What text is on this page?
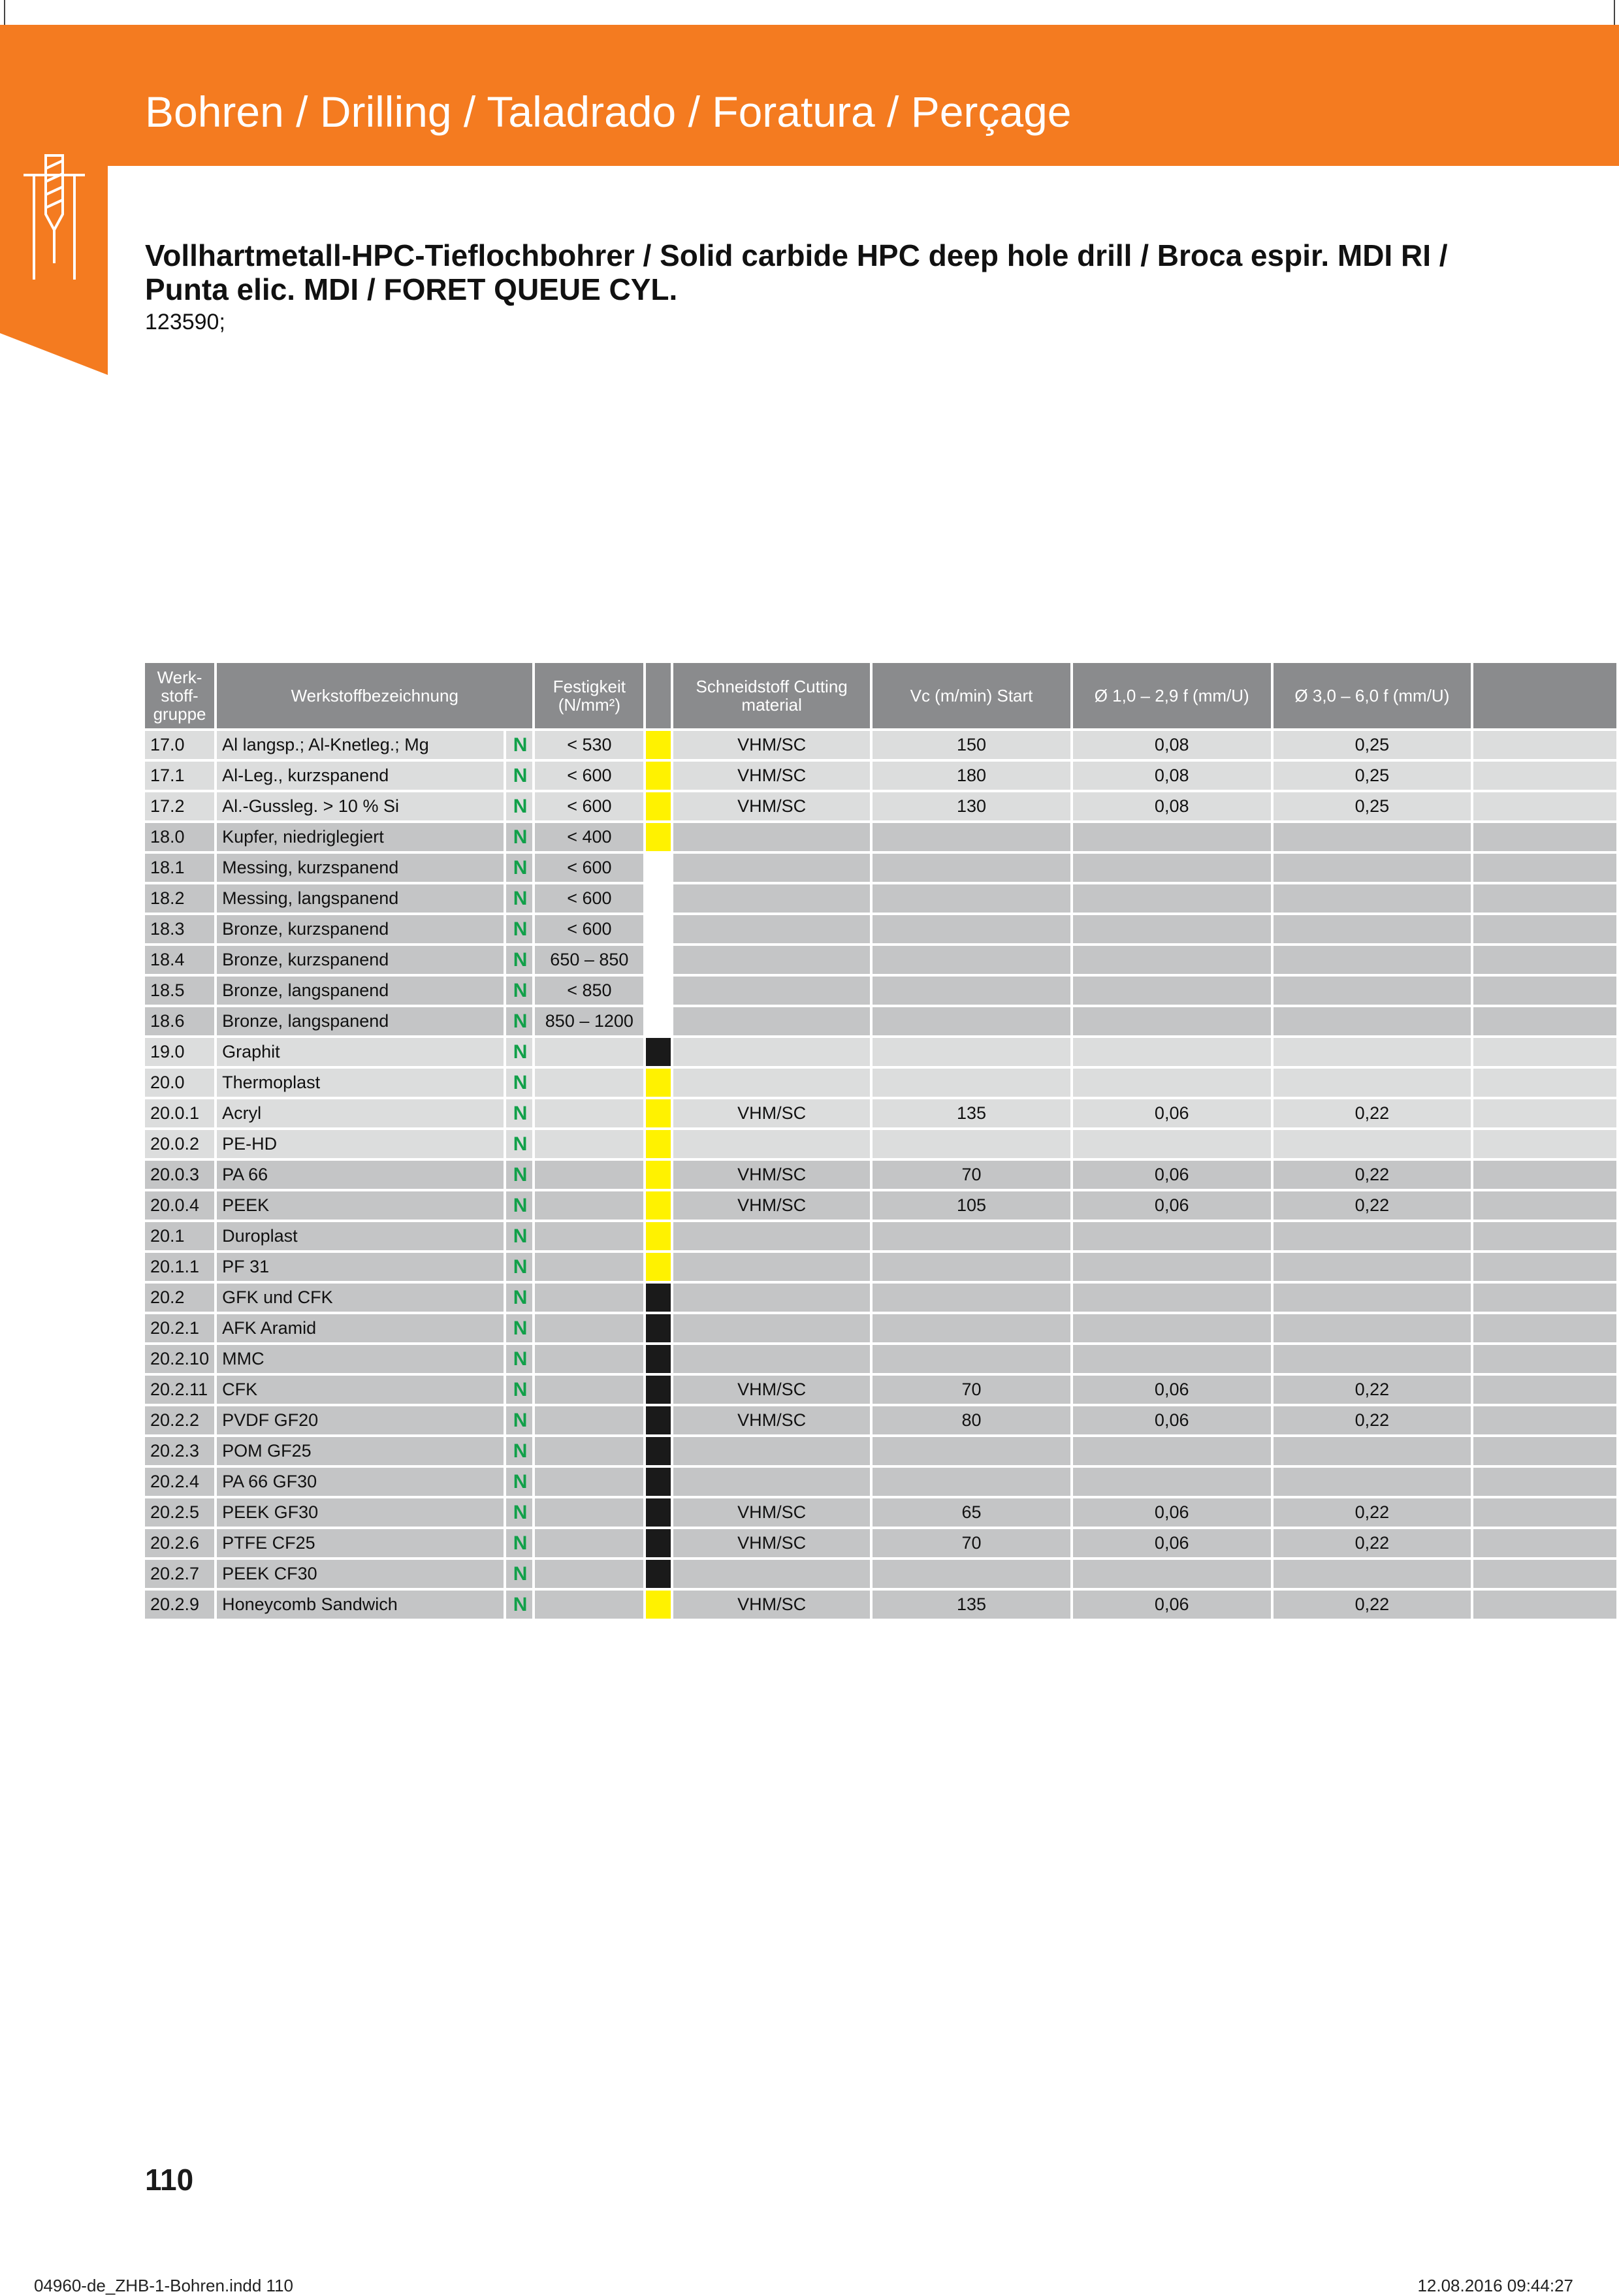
Bohren / Drilling / Taladrado / Foratura / Perçage
Vollhartmetall-HPC-Tieflochbohrer / Solid carbide HPC deep hole drill / Broca espir. MDI RI / Punta elic. MDI / FORET QUEUE CYL.
123590;
Werk-stoff-gruppe	Werkstoffbezeichnung		Festigkeit (N/mm²)		Schneidstoff Cutting material	Vc (m/min) Start	Ø 1,0 – 2,9 f (mm/U)	Ø 3,0 – 6,0 f (mm/U)	
17.0	Al langsp.; Al-Knetleg.; Mg	N	< 530		VHM/SC	150	0,08	0,25	
17.1	Al-Leg., kurzspanend	N	< 600		VHM/SC	180	0,08	0,25	
17.2	Al.-Gussleg. > 10 % Si	N	< 600		VHM/SC	130	0,08	0,25	
18.0	Kupfer, niedriglegiert	N	< 400	

18.1	Messing, kurzspanend	N	< 600	

18.2	Messing, langspanend	N	< 600	

18.3	Bronze, kurzspanend	N	< 600	

18.4	Bronze, kurzspanend	N	650 – 850	

18.5	Bronze, langspanend	N	< 850	

18.6	Bronze, langspanend	N	850 – 1200	

19.0	Graphit	N		

20.0	Thermoplast	N		

20.0.1	Acryl	N			VHM/SC	135	0,06	0,22	
20.0.2	PE-HD	N		

20.0.3	PA 66	N			VHM/SC	70	0,06	0,22	
20.0.4	PEEK	N			VHM/SC	105	0,06	0,22	
20.1	Duroplast	N		

20.1.1	PF 31	N		

20.2	GFK und CFK	N		

20.2.1	AFK Aramid	N		

20.2.10	MMC	N		

20.2.11	CFK	N			VHM/SC	70	0,06	0,22	
20.2.2	PVDF GF20	N			VHM/SC	80	0,06	0,22	
20.2.3	POM GF25	N		

20.2.4	PA 66 GF30	N		

20.2.5	PEEK GF30	N			VHM/SC	65	0,06	0,22	
20.2.6	PTFE CF25	N			VHM/SC	70	0,06	0,22	
20.2.7	PEEK CF30	N		

20.2.9	Honeycomb Sandwich	N			VHM/SC	135	0,06	0,22	
110
04960-de_ZHB-1-Bohren.indd 110	12.08.2016 09:44:27
